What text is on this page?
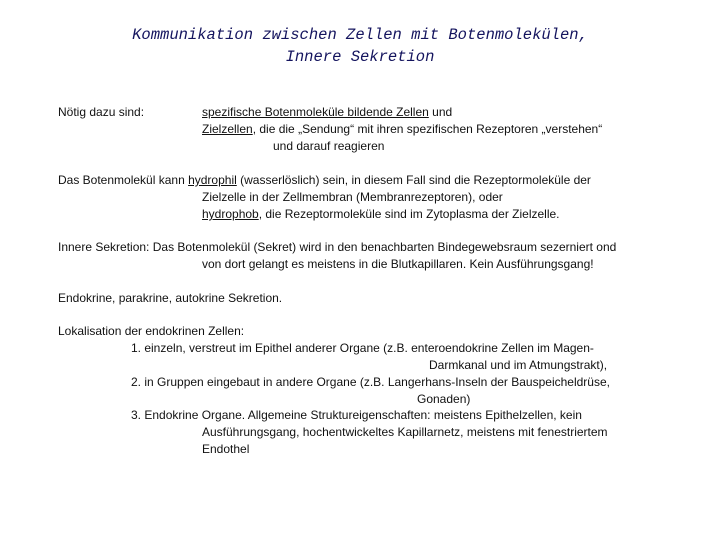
Kommunikation zwischen Zellen mit Botenmolekülen,
Innere Sekretion
Nötig dazu sind:	spezifische Botenmoleküle bildende Zellen und
Zielzellen, die die „Sendung“ mit ihren spezifischen Rezeptoren „verstehen“
und darauf reagieren
Das Botenmolekül kann hydrophil (wasserlöslich) sein, in diesem Fall sind die Rezeptormoleküle der
Zielzelle in der Zellmembran (Membranrezeptoren), oder
hydrophob, die Rezeptormoleküle sind im Zytoplasma der Zielzelle.
Innere Sekretion: Das Botenmolekül (Sekret) wird in den benachbarten Bindegewebsraum sezerniert ond
von dort gelangt es meistens in die Blutkapillaren. Kein Ausführungsgang!
Endokrine, parakrine, autokrine Sekretion.
Lokalisation der endokrinen Zellen:
1. einzeln, verstreut im Epithel anderer Organe (z.B. enteroendokrine Zellen im Magen-
Darmkanal und im Atmungstrakt),
2. in Gruppen eingebaut in andere Organe (z.B. Langerhans-Inseln der Bauspeicheldrüse,
Gonaden)
3. Endokrine Organe. Allgemeine Struktureigenschaften: meistens Epithelzellen, kein
Ausführungsgang, hochentwickeltes Kapillarnetz, meistens mit fenestriertem
Endothel
